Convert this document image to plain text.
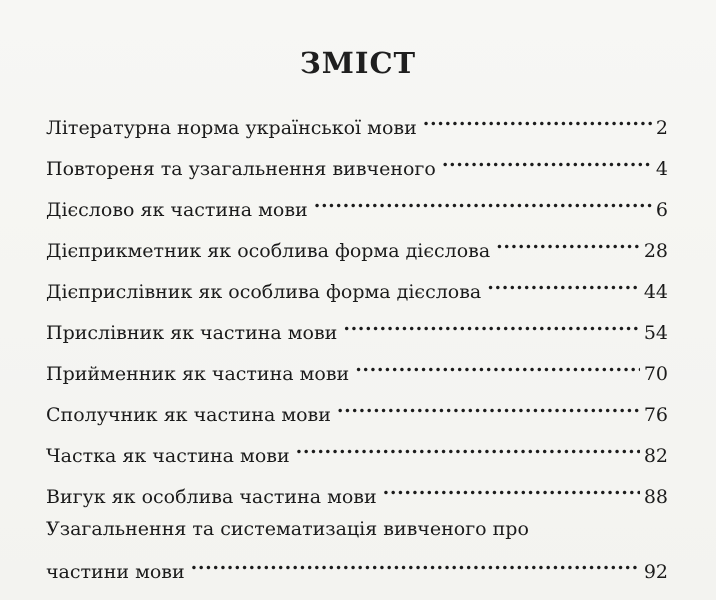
ЗМІСТ
Літературна норма української мови . . .	2
Повтореня та узагальнення вивченого . . .	4
Дієслово як частина мови . . .	6
Дієприкметник як особлива форма дієслова . . .	28
Дієприслівник як особлива форма дієслова . . .	44
Прислівник як частина мови . . .	54
Прийменник як частина мови . . .	70
Сполучник як частина мови . . .	76
Частка як частина мови . . .	82
Вигук як особлива частина мови . . .	88
Узагальнення та систематизація вивченого про
частини мови . . .	92
